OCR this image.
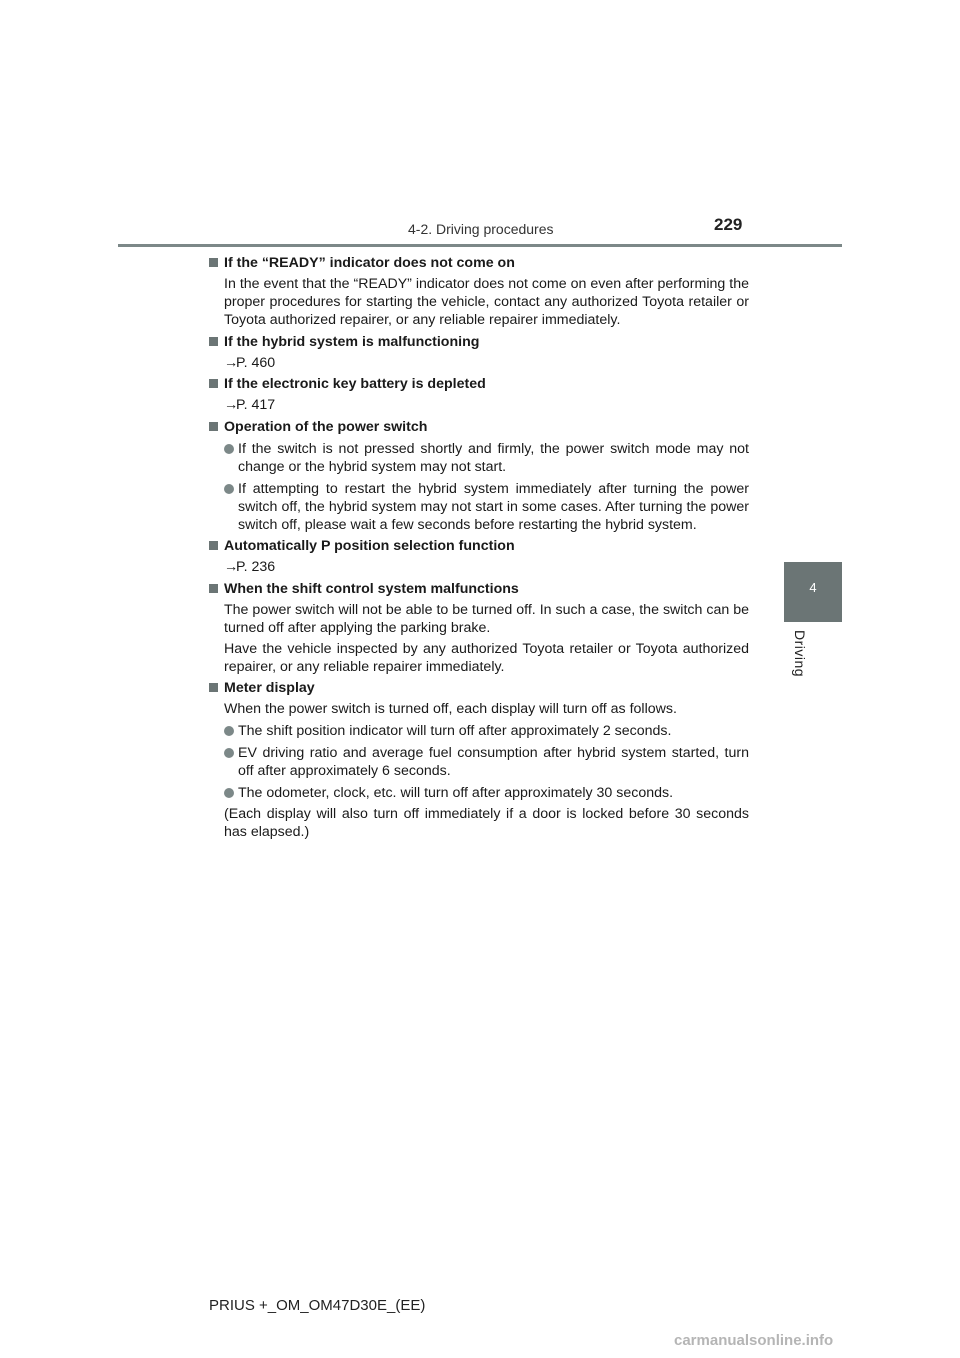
4-2. Driving procedures	229
4
Driving
If the “READY” indicator does not come on
In the event that the “READY” indicator does not come on even after performing the proper procedures for starting the vehicle, contact any authorized Toyota retailer or Toyota authorized repairer, or any reliable repairer immediately.
If the hybrid system is malfunctioning
→P. 460
If the electronic key battery is depleted
→P. 417
Operation of the power switch
If the switch is not pressed shortly and firmly, the power switch mode may not change or the hybrid system may not start.
If attempting to restart the hybrid system immediately after turning the power switch off, the hybrid system may not start in some cases. After turning the power switch off, please wait a few seconds before restarting the hybrid system.
Automatically P position selection function
→P. 236
When the shift control system malfunctions
The power switch will not be able to be turned off. In such a case, the switch can be turned off after applying the parking brake.
Have the vehicle inspected by any authorized Toyota retailer or Toyota authorized repairer, or any reliable repairer immediately.
Meter display
When the power switch is turned off, each display will turn off as follows.
The shift position indicator will turn off after approximately 2 seconds.
EV driving ratio and average fuel consumption after hybrid system started, turn off after approximately 6 seconds.
The odometer, clock, etc. will turn off after approximately 30 seconds.
(Each display will also turn off immediately if a door is locked before 30 seconds has elapsed.)
PRIUS +_OM_OM47D30E_(EE)
carmanualsonline.info
